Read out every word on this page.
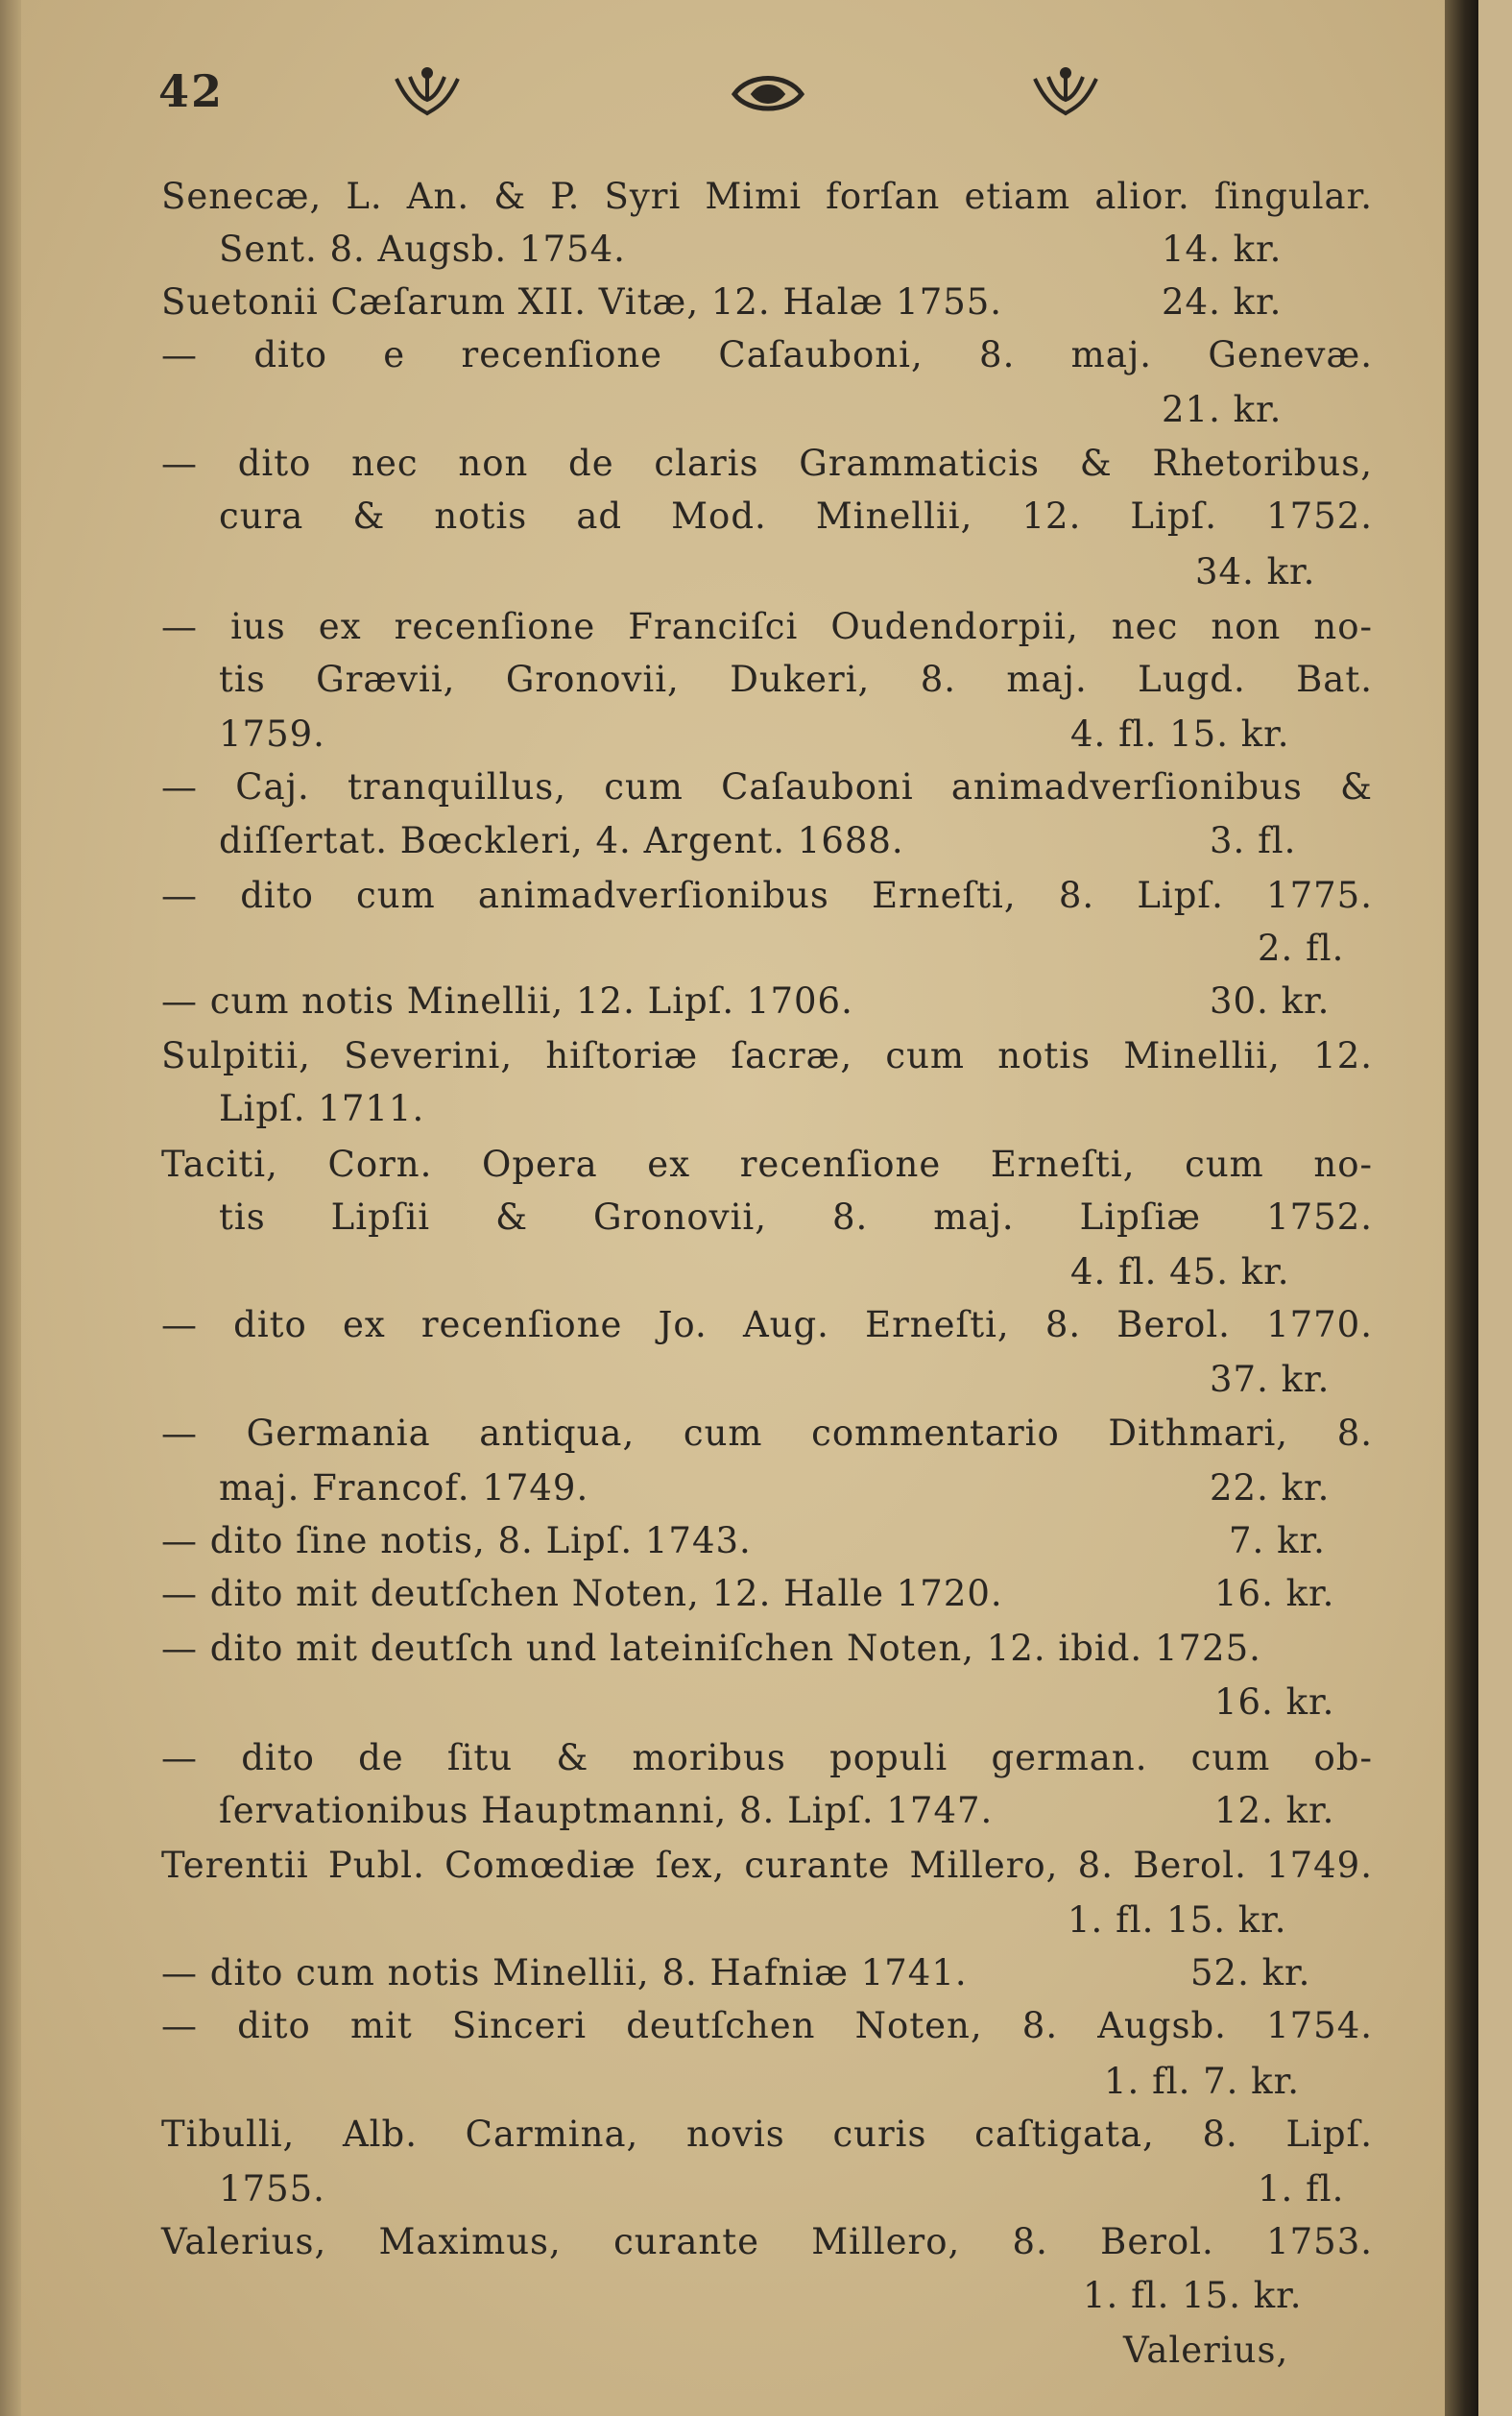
42
Senecæ, L. An. & P. Syri Mimi forſan etiam alior. ſingular.
Sent. 8. Augsb. 1754.	14. kr.
Suetonii Cæſarum XII. Vitæ, 12. Halæ 1755.	24. kr.
— dito e recenſione Caſauboni, 8. maj. Genevæ.
21. kr.
— dito nec non de claris Grammaticis & Rhetoribus,
cura & notis ad Mod. Minellii, 12. Lipſ. 1752.
34. kr.
— ius ex recenſione Franciſci Oudendorpii, nec non no-
tis Grævii, Gronovii, Dukeri, 8. maj. Lugd. Bat.
1759.	4. fl. 15. kr.
— Caj. tranquillus, cum Caſauboni animadverſionibus &
diſſertat. Bœckleri, 4. Argent. 1688.	3. fl.
— dito cum animadverſionibus Erneſti, 8. Lipſ. 1775.
2. fl.
— cum notis Minellii, 12. Lipſ. 1706.	30. kr.
Sulpitii, Severini, hiſtoriæ ſacræ, cum notis Minellii, 12.
Lipſ. 1711.
Taciti, Corn. Opera ex recenſione Erneſti, cum no-
tis Lipſii & Gronovii, 8. maj. Lipſiæ 1752.
4. fl. 45. kr.
— dito ex recenſione Jo. Aug. Erneſti, 8. Berol. 1770.
37. kr.
— Germania antiqua, cum commentario Dithmari, 8.
maj. Francof. 1749.	22. kr.
— dito ſine notis, 8. Lipſ. 1743.	7. kr.
— dito mit deutſchen Noten, 12. Halle 1720.	16. kr.
— dito mit deutſch und lateiniſchen Noten, 12. ibid. 1725.
16. kr.
— dito de ſitu & moribus populi german. cum ob-
ſervationibus Hauptmanni, 8. Lipſ. 1747.	12. kr.
Terentii Publ. Comœdiæ ſex, curante Millero, 8. Berol. 1749.
1. fl. 15. kr.
— dito cum notis Minellii, 8. Hafniæ 1741.	52. kr.
— dito mit Sinceri deutſchen Noten, 8. Augsb. 1754.
1. fl. 7. kr.
Tibulli, Alb. Carmina, novis curis caſtigata, 8. Lipſ.
1755.	1. fl.
Valerius, Maximus, curante Millero, 8. Berol. 1753.
1. fl. 15. kr.
Valerius,
